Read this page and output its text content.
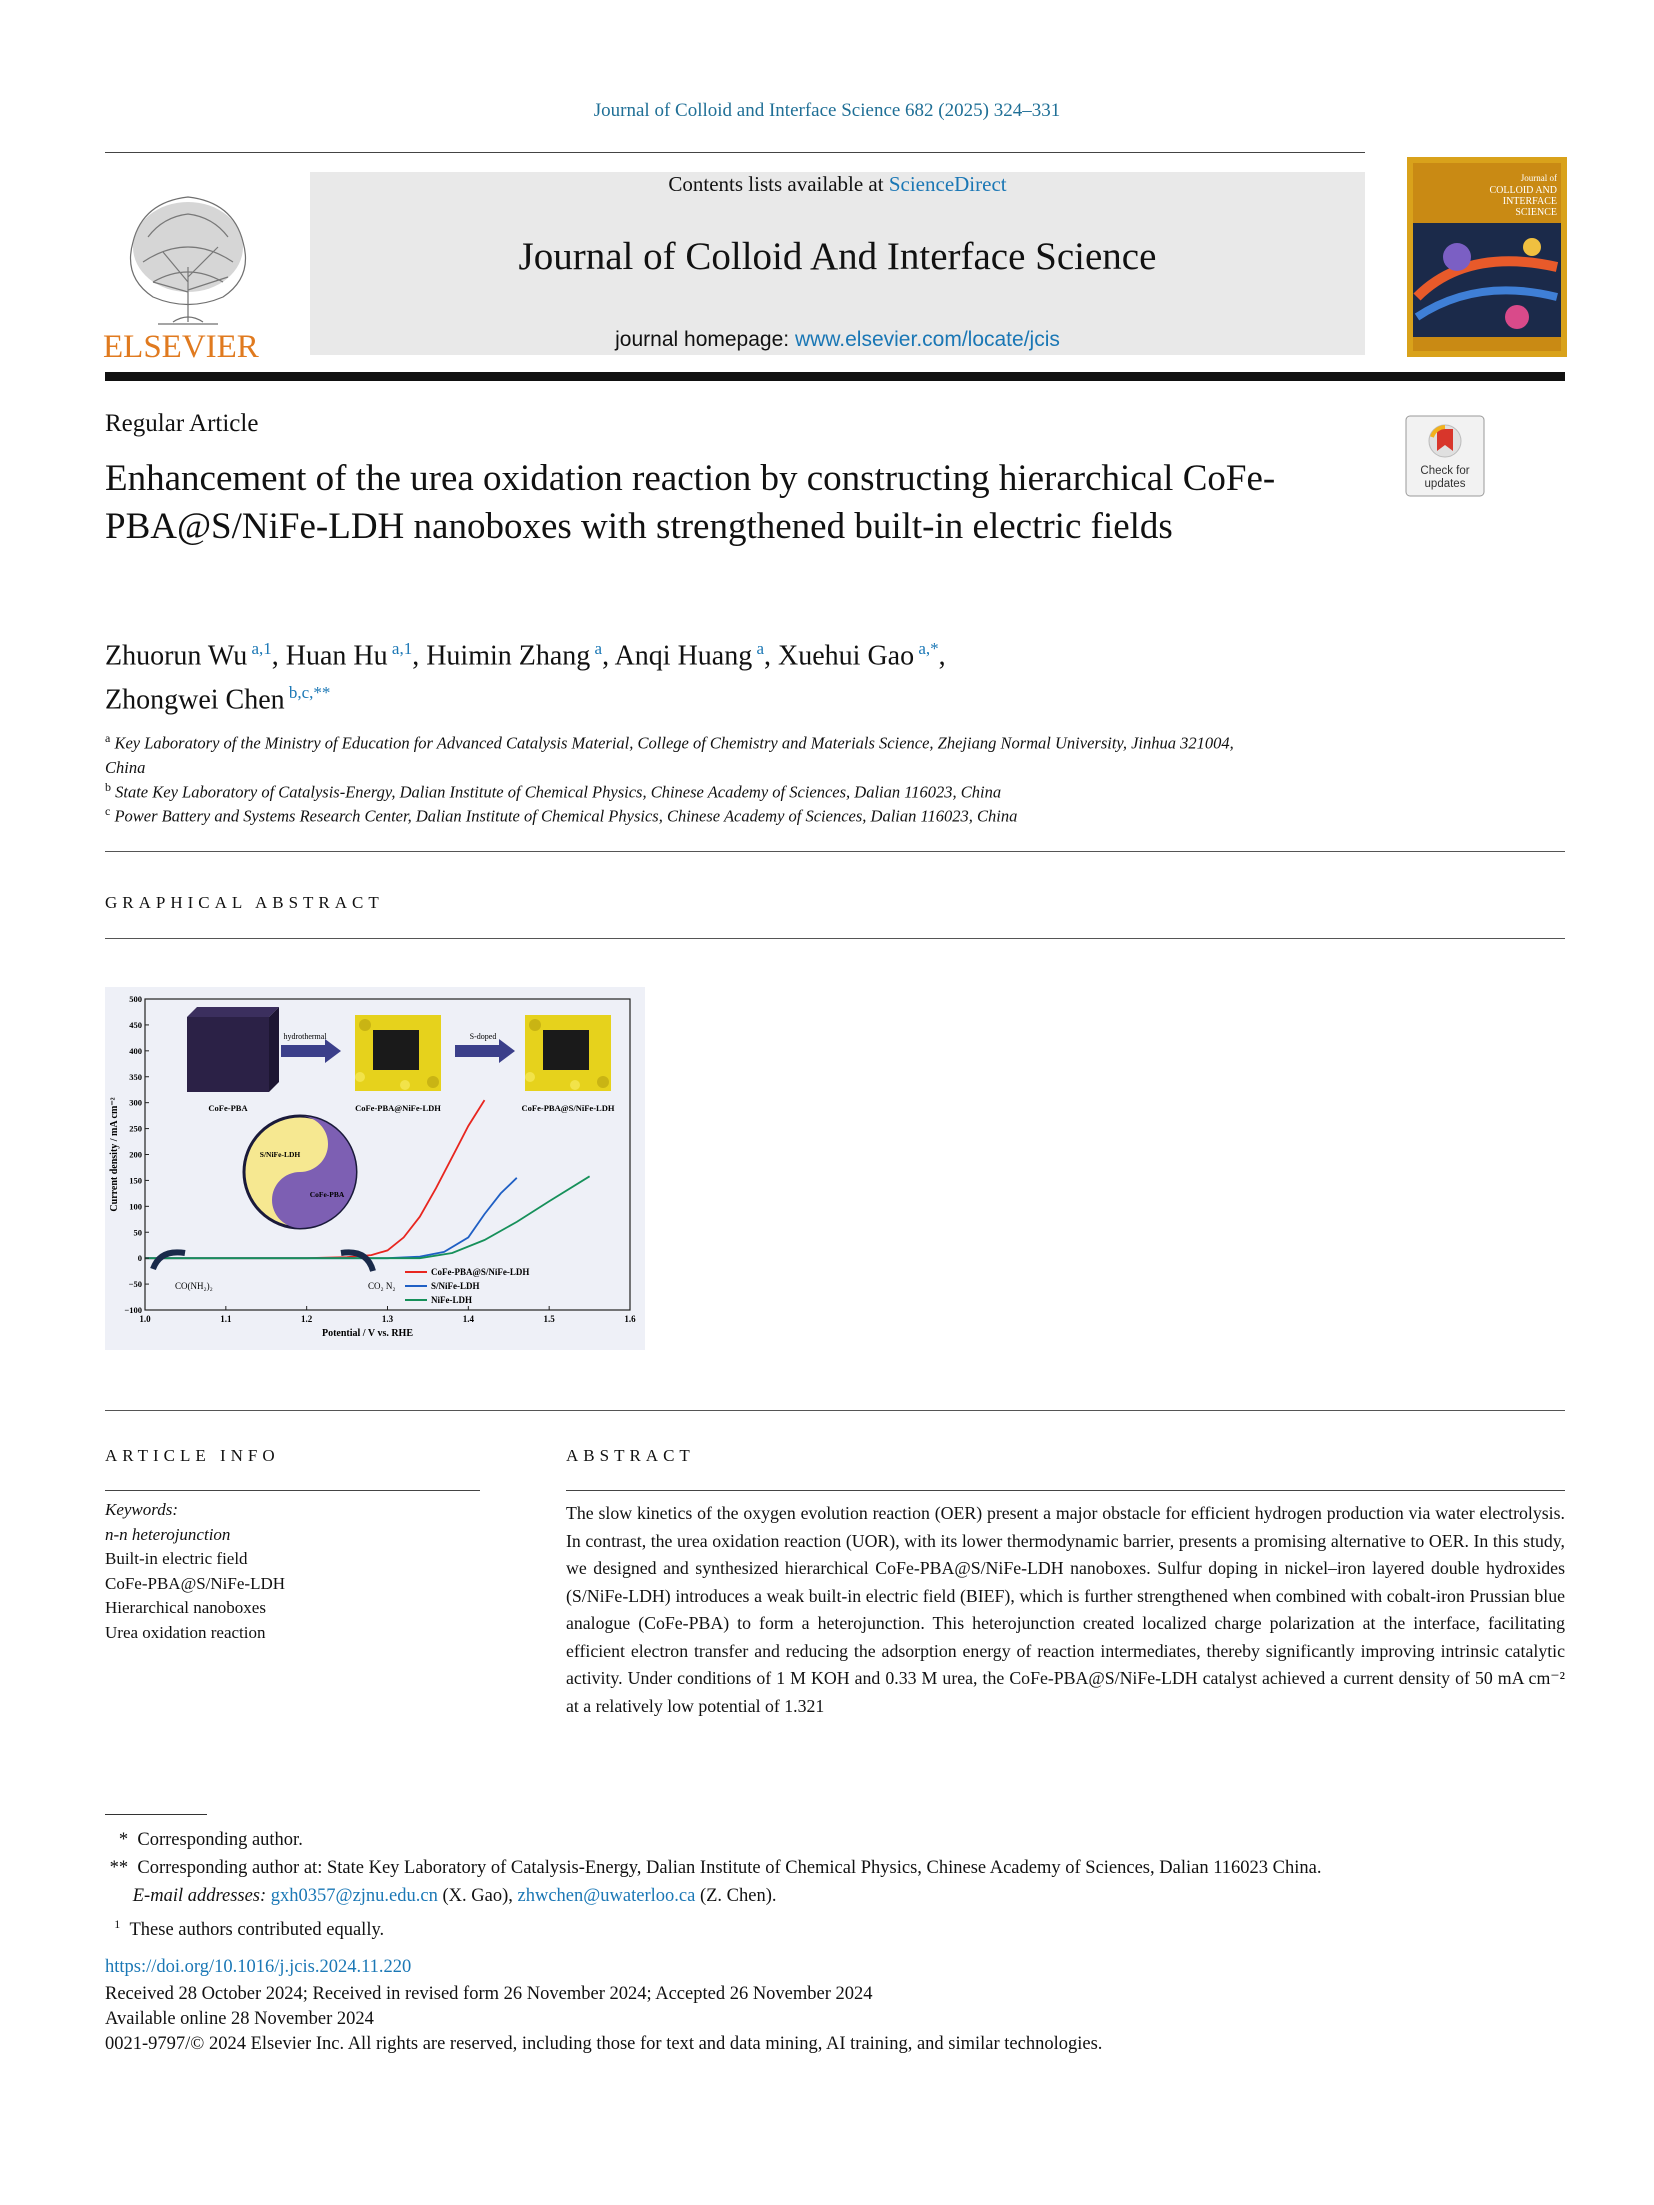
Journal of Colloid and Interface Science 682 (2025) 324–331
ELSEVIER
Contents lists available at ScienceDirect
Journal of Colloid And Interface Science
journal homepage: www.elsevier.com/locate/jcis
Journal of
COLLOID AND
INTERFACE
SCIENCE
Regular Article
Check for
updates
Enhancement of the urea oxidation reaction by constructing hierarchical CoFe-PBA@S/NiFe-LDH nanoboxes with strengthened built-in electric fields
Zhuorun Wu $^{a,1}$, Huan Hu $^{a,1}$, Huimin Zhang $^a$, Anqi Huang $^a$, Xuehui Gao $^{a,*}$,
Zhongwei Chen $^{b,c,**}$
$^a$ Key Laboratory of the Ministry of Education for Advanced Catalysis Material, College of Chemistry and Materials Science, Zhejiang Normal University, Jinhua 321004,
China
$^b$ State Key Laboratory of Catalysis-Energy, Dalian Institute of Chemical Physics, Chinese Academy of Sciences, Dalian 116023, China
$^c$ Power Battery and Systems Research Center, Dalian Institute of Chemical Physics, Chinese Academy of Sciences, Dalian 116023, China
GRAPHICAL ABSTRACT
−100
−50
0
50
100
150
200
250
300
350
400
450
500
1.0	1.1	1.2	1.3	1.4	1.5	1.6
Potential / V vs. RHE
Current density / mA cm⁻²
hydrothermal	S-doped
CoFe-PBA	CoFe-PBA@NiFe-LDH	CoFe-PBA@S/NiFe-LDH
S/NiFe-LDH
CoFe-PBA
CO(NH₂)₂	CO₂ N₂
CoFe-PBA@S/NiFe-LDH
S/NiFe-LDH
NiFe-LDH
ARTICLE INFO	ABSTRACT
Keywords:
n-n heterojunction
Built-in electric field
CoFe-PBA@S/NiFe-LDH
Hierarchical nanoboxes
Urea oxidation reaction
The slow kinetics of the oxygen evolution reaction (OER) present a major obstacle for efficient hydrogen production via water electrolysis. In contrast, the urea oxidation reaction (UOR), with its lower thermodynamic barrier, presents a promising alternative to OER. In this study, we designed and synthesized hierarchical CoFe-PBA@S/NiFe-LDH nanoboxes. Sulfur doping in nickel–iron layered double hydroxides (S/NiFe-LDH) introduces a weak built-in electric field (BIEF), which is further strengthened when combined with cobalt-iron Prussian blue analogue (CoFe-PBA) to form a heterojunction. This heterojunction created localized charge polarization at the interface, facilitating efficient electron transfer and reducing the adsorption energy of reaction intermediates, thereby significantly improving intrinsic catalytic activity. Under conditions of 1 M KOH and 0.33 M urea, the CoFe-PBA@S/NiFe-LDH catalyst achieved a current density of 50 mA cm⁻² at a relatively low potential of 1.321
*  Corresponding author.
**  Corresponding author at: State Key Laboratory of Catalysis-Energy, Dalian Institute of Chemical Physics, Chinese Academy of Sciences, Dalian 116023 China.
E-mail addresses: gxh0357@zjnu.edu.cn (X. Gao), zhwchen@uwaterloo.ca (Z. Chen).
$^1$ These authors contributed equally.
https://doi.org/10.1016/j.jcis.2024.11.220
Received 28 October 2024; Received in revised form 26 November 2024; Accepted 26 November 2024
Available online 28 November 2024
0021-9797/© 2024 Elsevier Inc. All rights are reserved, including those for text and data mining, AI training, and similar technologies.
